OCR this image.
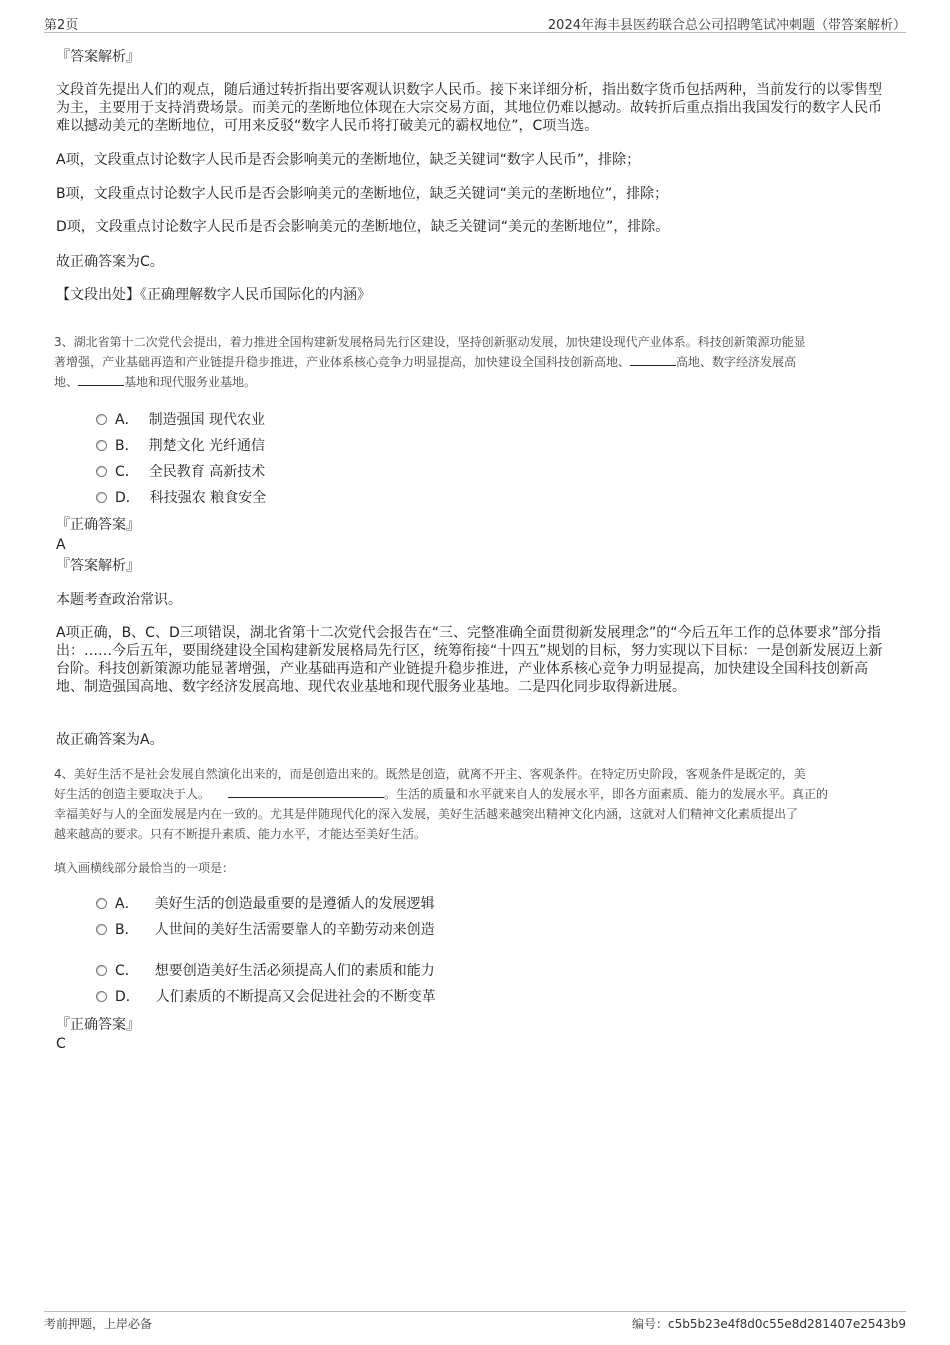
第2页	2024年海丰县医药联合总公司招聘笔试冲刺题（带答案解析）
『答案解析』
文段首先提出人们的观点，随后通过转折指出要客观认识数字人民币。接下来详细分析，指出数字货币包括两种，当前发行的以零售型为主，主要用于支持消费场景。而美元的垄断地位体现在大宗交易方面，其地位仍难以撼动。故转折后重点指出我国发行的数字人民币难以撼动美元的垄断地位，可用来反驳“数字人民币将打破美元的霸权地位”，C项当选。
A项，文段重点讨论数字人民币是否会影响美元的垄断地位，缺乏关键词“数字人民币”，排除；
B项，文段重点讨论数字人民币是否会影响美元的垄断地位，缺乏关键词“美元的垄断地位”，排除；
D项，文段重点讨论数字人民币是否会影响美元的垄断地位，缺乏关键词“美元的垄断地位”，排除。
故正确答案为C。
【文段出处】《正确理解数字人民币国际化的内涵》
3、湖北省第十二次党代会提出，着力推进全国构建新发展格局先行区建设，坚持创新驱动发展，加快建设现代产业体系。科技创新策源功能显
著增强，产业基础再造和产业链提升稳步推进，产业体系核心竞争力明显提高，加快建设全国科技创新高地、	高地、数字经济发展高
地、	基地和现代服务业基地。
A． 制造强国 现代农业
B． 荆楚文化 光纤通信
C． 全民教育 高新技术
D． 科技强农 粮食安全
『正确答案』
A
『答案解析』
本题考查政治常识。
A项正确，B、C、D三项错误，湖北省第十二次党代会报告在“三、完整准确全面贯彻新发展理念”的“今后五年工作的总体要求”部分指出：……今后五年，要围绕建设全国构建新发展格局先行区，统筹衔接“十四五”规划的目标，努力实现以下目标：一是创新发展迈上新台阶。科技创新策源功能显著增强，产业基础再造和产业链提升稳步推进，产业体系核心竞争力明显提高，加快建设全国科技创新高地、制造强国高地、数字经济发展高地、现代农业基地和现代服务业基地。二是四化同步取得新进展。
故正确答案为A。
4、美好生活不是社会发展自然演化出来的，而是创造出来的。既然是创造，就离不开主、客观条件。在特定历史阶段，客观条件是既定的，美
好生活的创造主要取决于人。	。生活的质量和水平就来自人的发展水平，即各方面素质、能力的发展水平。真正的
幸福美好与人的全面发展是内在一致的。尤其是伴随现代化的深入发展，美好生活越来越突出精神文化内涵，这就对人们精神文化素质提出了
越来越高的要求。只有不断提升素质、能力水平，才能达至美好生活。
填入画横线部分最恰当的一项是：
A． 美好生活的创造最重要的是遵循人的发展逻辑
B． 人世间的美好生活需要靠人的辛勤劳动来创造
C． 想要创造美好生活必须提高人们的素质和能力
D． 人们素质的不断提高又会促进社会的不断变革
『正确答案』
C
考前押题，上岸必备	编号：c5b5b23e4f8d0c55e8d281407e2543b9
